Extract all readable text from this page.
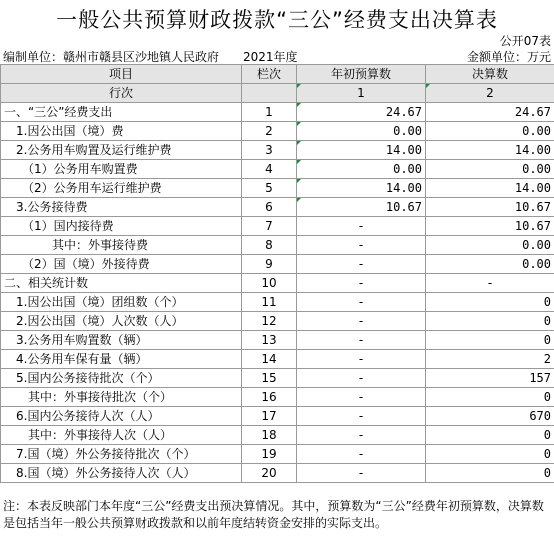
一般公共预算财政拨款“三公”经费支出决算表
公开07表
编制单位：赣州市赣县区沙地镇人民政府 2021年度	金额单位：万元
项目	栏次	年初预算数	决算数
行次		1	2
一、“三公”经费支出	1	24.67	24.67
　1.因公出国（境）费	2	0.00	0.00
　2.公务用车购置及运行维护费	3	14.00	14.00
　　（1）公务用车购置费	4	0.00	0.00
　　（2）公务用车运行维护费	5	14.00	14.00
　3.公务接待费	6	10.67	10.67
　　（1）国内接待费	7	-	10.67
　　　　其中：外事接待费	8	-	0.00
　　（2）国（境）外接待费	9	-	0.00
二、相关统计数	10	-	-
　1.因公出国（境）团组数（个）	11	-	0
　2.因公出国（境）人次数（人）	12	-	0
　3.公务用车购置数（辆）	13	-	0
　4.公务用车保有量（辆）	14	-	2
　5.国内公务接待批次（个）	15	-	157
　　其中：外事接待批次（个）	16	-	0
　6.国内公务接待人次（人）	17	-	670
　　其中：外事接待人次（人）	18	-	0
　7.国（境）外公务接待批次（个）	19	-	0
　8.国（境）外公务接待人次（人）	20	-	0
注：本表反映部门本年度“三公”经费支出预决算情况。其中，预算数为“三公”经费年初预算数，决算数是包括当年一般公共预算财政拨款和以前年度结转资金安排的实际支出。
